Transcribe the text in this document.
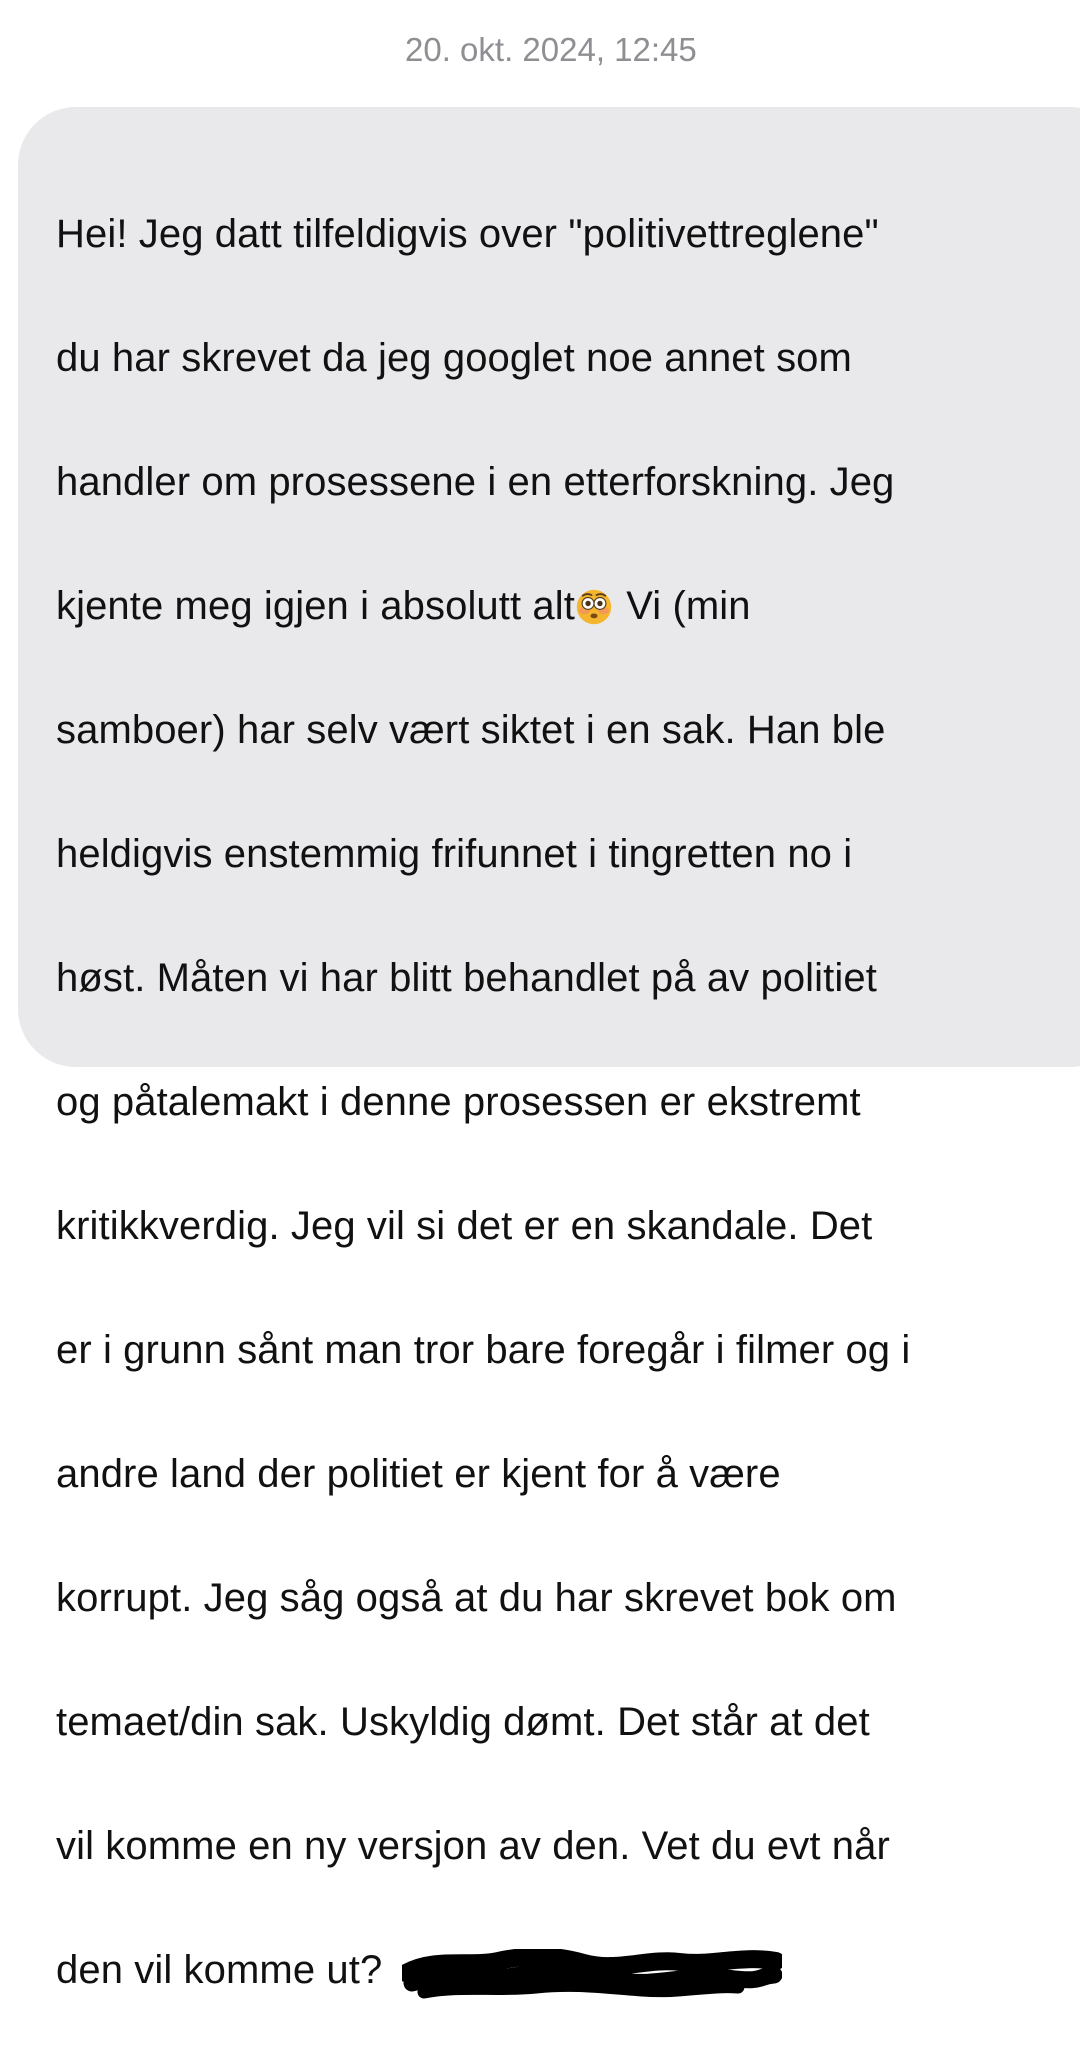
20. okt. 2024, 12:45

Hei! Jeg datt tilfeldigvis over "politivettreglene"

du har skrevet da jeg googlet noe annet som

handler om prosessene i en etterforskning. Jeg

kjente meg igjen i absolutt alt Vi (min

samboer) har selv vært siktet i en sak. Han ble

heldigvis enstemmig frifunnet i tingretten no i

høst. Måten vi har blitt behandlet på av politiet

og påtalemakt i denne prosessen er ekstremt

kritikkverdig. Jeg vil si det er en skandale. Det

er i grunn sånt man tror bare foregår i filmer og i

andre land der politiet er kjent for å være

korrupt. Jeg såg også at du har skrevet bok om

temaet/din sak. Uskyldig dømt. Det står at det

vil komme en ny versjon av den. Vet du evt når

den vil komme ut?
